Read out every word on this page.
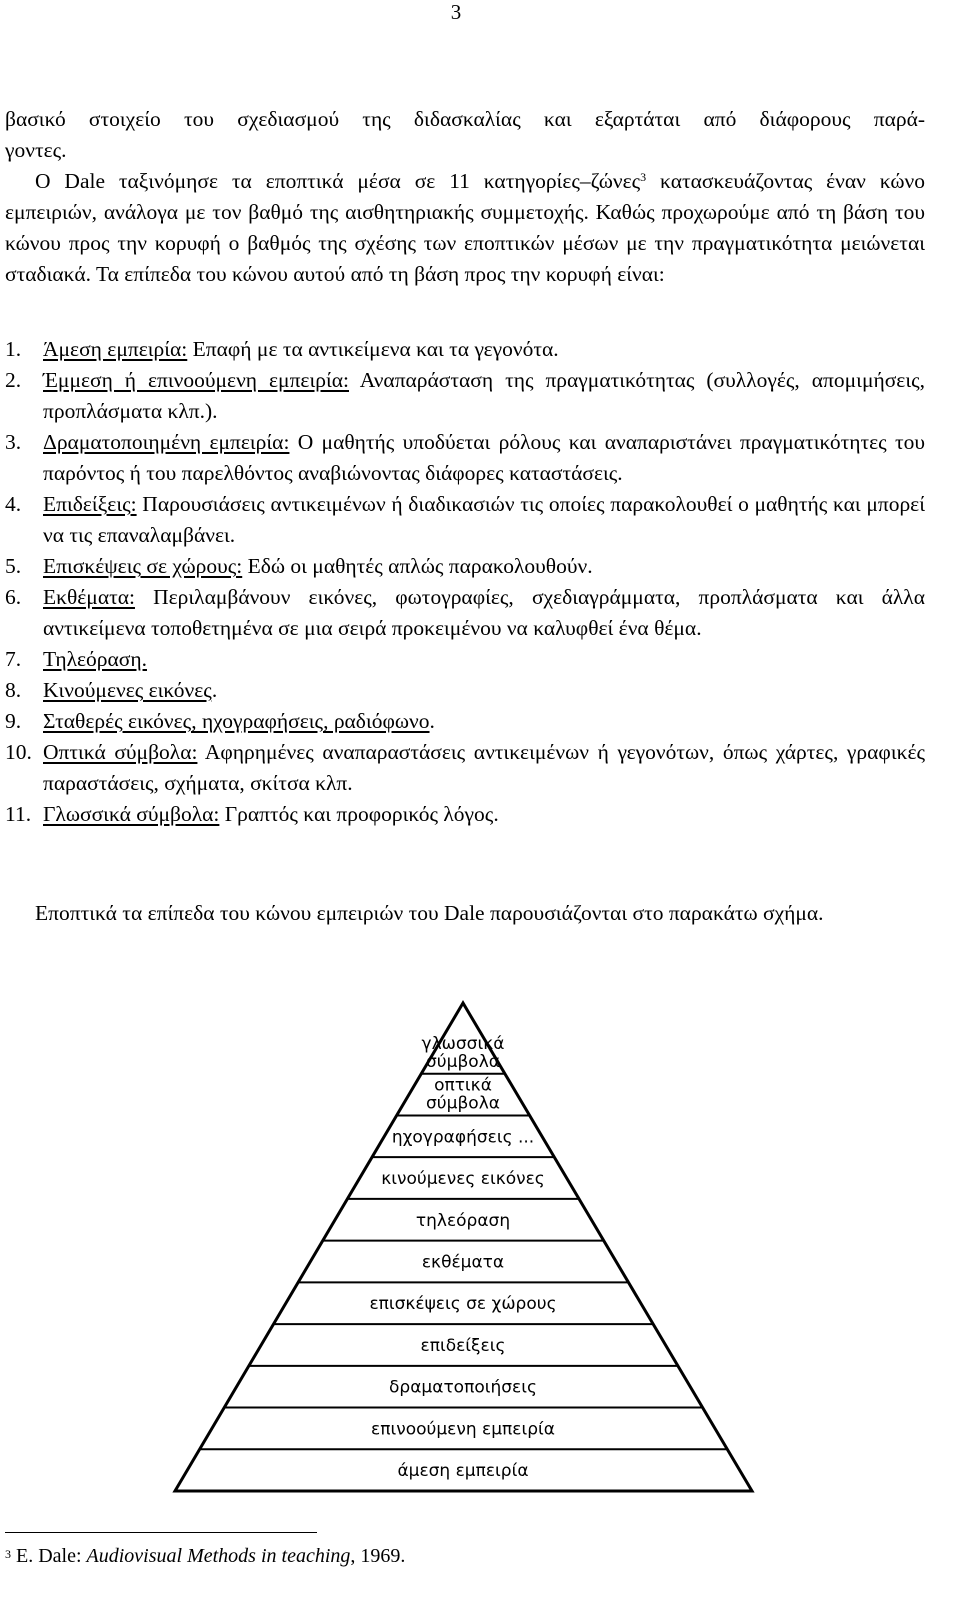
3

βασικό στοιχείο του σχεδιασμού της διδασκαλίας και εξαρτάται από διάφορους παρά-

γοντες.

Ο Dale ταξινόμησε τα εποπτικά μέσα σε 11 κατηγορίες–ζώνες$^3$ κατασκευάζοντας έναν κώνο εμπειριών, ανάλογα με τον βαθμό της αισθητηριακής συμμετοχής. Καθώς προχωρούμε από τη βάση του κώνου προς την κορυφή ο βαθμός της σχέσης των εποπτικών μέσων με την πραγματικότητα μειώνεται σταδιακά. Τα επίπεδα του κώνου αυτού από τη βάση προς την κορυφή είναι:

1.	Άμεση εμπειρία: Επαφή με τα αντικείμενα και τα γεγονότα.
2.	Έμμεση ή επινοούμενη εμπειρία: Αναπαράσταση της πραγματικότητας (συλλογές, απομιμήσεις, προπλάσματα κλπ.).
3.	Δραματοποιημένη εμπειρία: Ο μαθητής υποδύεται ρόλους και αναπαριστάνει πραγματικότητες του παρόντος ή του παρελθόντος αναβιώνοντας διάφορες καταστάσεις.
4.	Επιδείξεις: Παρουσιάσεις αντικειμένων ή διαδικασιών τις οποίες παρακολουθεί ο μαθητής και μπορεί να τις επαναλαμβάνει.
5.	Επισκέψεις σε χώρους: Εδώ οι μαθητές απλώς παρακολουθούν.
6.	Εκθέματα: Περιλαμβάνουν εικόνες, φωτογραφίες, σχεδιαγράμματα, προπλάσματα και άλλα αντικείμενα τοποθετημένα σε μια σειρά προκειμένου να καλυφθεί ένα θέμα.
7.	Τηλεόραση.
8.	Κινούμενες εικόνες.
9.	Σταθερές εικόνες, ηχογραφήσεις, ραδιόφωνο.
10. Οπτικά σύμβολα: Αφηρημένες αναπαραστάσεις αντικειμένων ή γεγονότων, όπως χάρτες, γραφικές παραστάσεις, σχήματα, σκίτσα κλπ.
11. Γλωσσικά σύμβολα: Γραπτός και προφορικός λόγος.

Εποπτικά τα επίπεδα του κώνου εμπειριών του Dale παρουσιάζονται στο παρακάτω σχήμα.

γλωσσικά
σύμβολα
οπτικά
σύμβολα
ηχογραφήσεις ...
κινούμενες εικόνες
τηλεόραση
εκθέματα
επισκέψεις σε χώρους
επιδείξεις
δραματοποιήσεις
επινοούμενη εμπειρία
άμεση εμπειρία
$^3$ E. Dale: Audiovisual Methods in teaching, 1969.
